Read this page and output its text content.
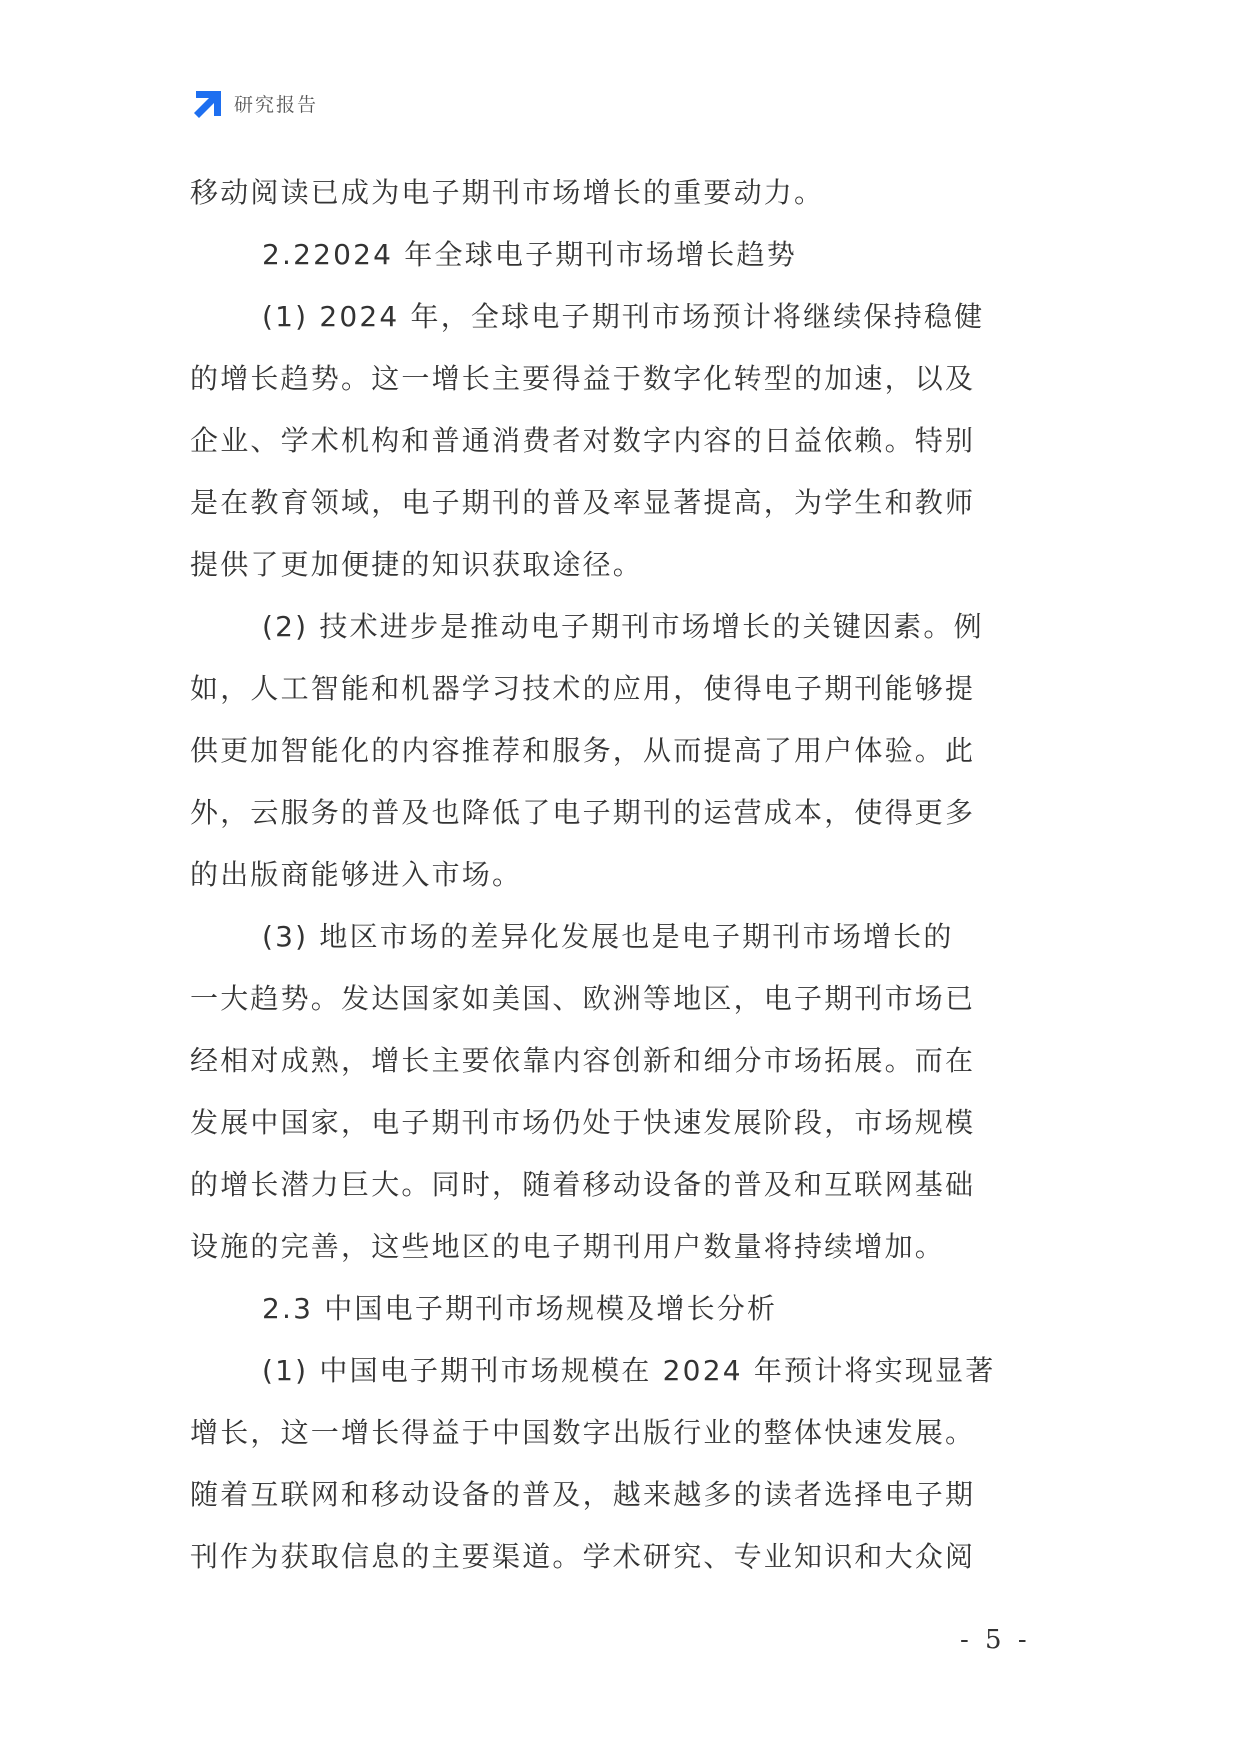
研究报告
移动阅读已成为电子期刊市场增长的重要动力。
2.22024 年全球电子期刊市场增长趋势
(1) 2024 年，全球电子期刊市场预计将继续保持稳健
的增长趋势。这一增长主要得益于数字化转型的加速，以及
企业、学术机构和普通消费者对数字内容的日益依赖。特别
是在教育领域，电子期刊的普及率显著提高，为学生和教师
提供了更加便捷的知识获取途径。
(2) 技术进步是推动电子期刊市场增长的关键因素。例
如，人工智能和机器学习技术的应用，使得电子期刊能够提
供更加智能化的内容推荐和服务，从而提高了用户体验。此
外，云服务的普及也降低了电子期刊的运营成本，使得更多
的出版商能够进入市场。
(3) 地区市场的差异化发展也是电子期刊市场增长的
一大趋势。发达国家如美国、欧洲等地区，电子期刊市场已
经相对成熟，增长主要依靠内容创新和细分市场拓展。而在
发展中国家，电子期刊市场仍处于快速发展阶段，市场规模
的增长潜力巨大。同时，随着移动设备的普及和互联网基础
设施的完善，这些地区的电子期刊用户数量将持续增加。
2.3 中国电子期刊市场规模及增长分析
(1) 中国电子期刊市场规模在 2024 年预计将实现显著
增长，这一增长得益于中国数字出版行业的整体快速发展。
随着互联网和移动设备的普及，越来越多的读者选择电子期
刊作为获取信息的主要渠道。学术研究、专业知识和大众阅
- 5 -
